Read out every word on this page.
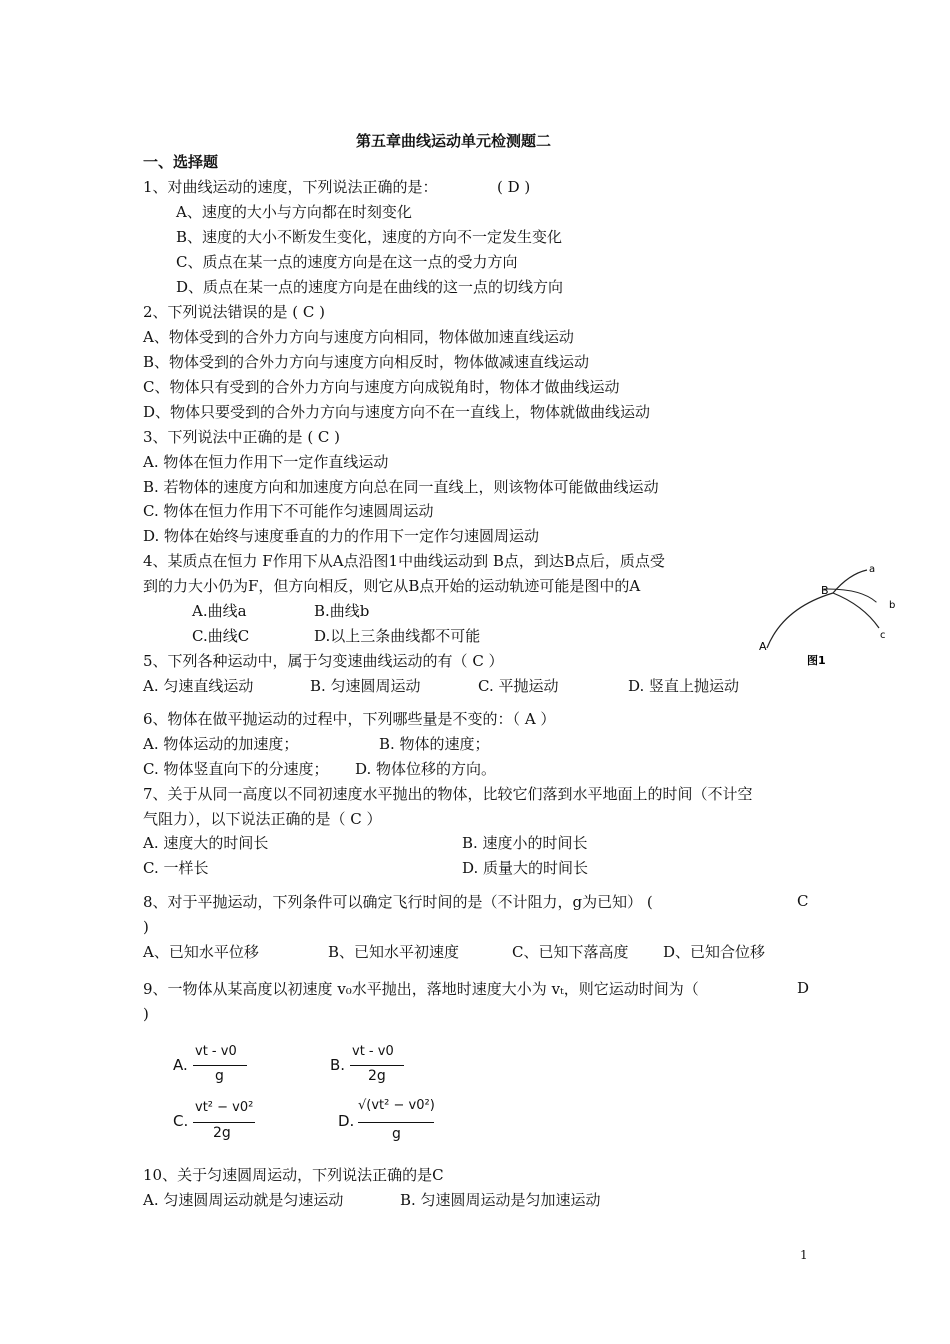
第五章曲线运动单元检测题二
一、选择题
1、对曲线运动的速度，下列说法正确的是：	( D )
A、速度的大小与方向都在时刻变化
B、速度的大小不断发生变化，速度的方向不一定发生变化
C、质点在某一点的速度方向是在这一点的受力方向
D、质点在某一点的速度方向是在曲线的这一点的切线方向
2、下列说法错误的是 ( C )
A、物体受到的合外力方向与速度方向相同，物体做加速直线运动
B、物体受到的合外力方向与速度方向相反时，物体做减速直线运动
C、物体只有受到的合外力方向与速度方向成锐角时，物体才做曲线运动
D、物体只要受到的合外力方向与速度方向不在一直线上，物体就做曲线运动
3、下列说法中正确的是 ( C )
A. 物体在恒力作用下一定作直线运动
B. 若物体的速度方向和加速度方向总在同一直线上，则该物体可能做曲线运动
C. 物体在恒力作用下不可能作匀速圆周运动
D. 物体在始终与速度垂直的力的作用下一定作匀速圆周运动
4、某质点在恒力 F作用下从A点沿图1中曲线运动到 B点，到达B点后，质点受
到的力大小仍为F，但方向相反，则它从B点开始的运动轨迹可能是图中的A
A.曲线a	B.曲线b
C.曲线C	D.以上三条曲线都不可能
a
b
c
A
B
图1
5、下列各种运动中，属于匀变速曲线运动的有（ C ）
A. 匀速直线运动	B. 匀速圆周运动	C. 平抛运动	D. 竖直上抛运动
6、物体在做平抛运动的过程中，下列哪些量是不变的：（ A ）
A. 物体运动的加速度；	B. 物体的速度；
C. 物体竖直向下的分速度； D. 物体位移的方向。
7、关于从同一高度以不同初速度水平抛出的物体，比较它们落到水平地面上的时间（不计空
气阻力），以下说法正确的是（ C ）
A. 速度大的时间长	B. 速度小的时间长
C. 一样长	D. 质量大的时间长
8、对于平抛运动，下列条件可以确定飞行时间的是（不计阻力，g为已知） (	C
)
A、已知水平位移	B、已知水平初速度	C、已知下落高度 D、已知合位移
9、一物体从某高度以初速度 v₀水平抛出，落地时速度大小为 vₜ，则它运动时间为（	D
)
A.
vt - v0
g
B.
vt - v0
2g
C.
vt² − v0²
2g
D.
√(vt² − v0²)
g
10、关于匀速圆周运动，下列说法正确的是C
A. 匀速圆周运动就是匀速运动	B. 匀速圆周运动是匀加速运动
1
